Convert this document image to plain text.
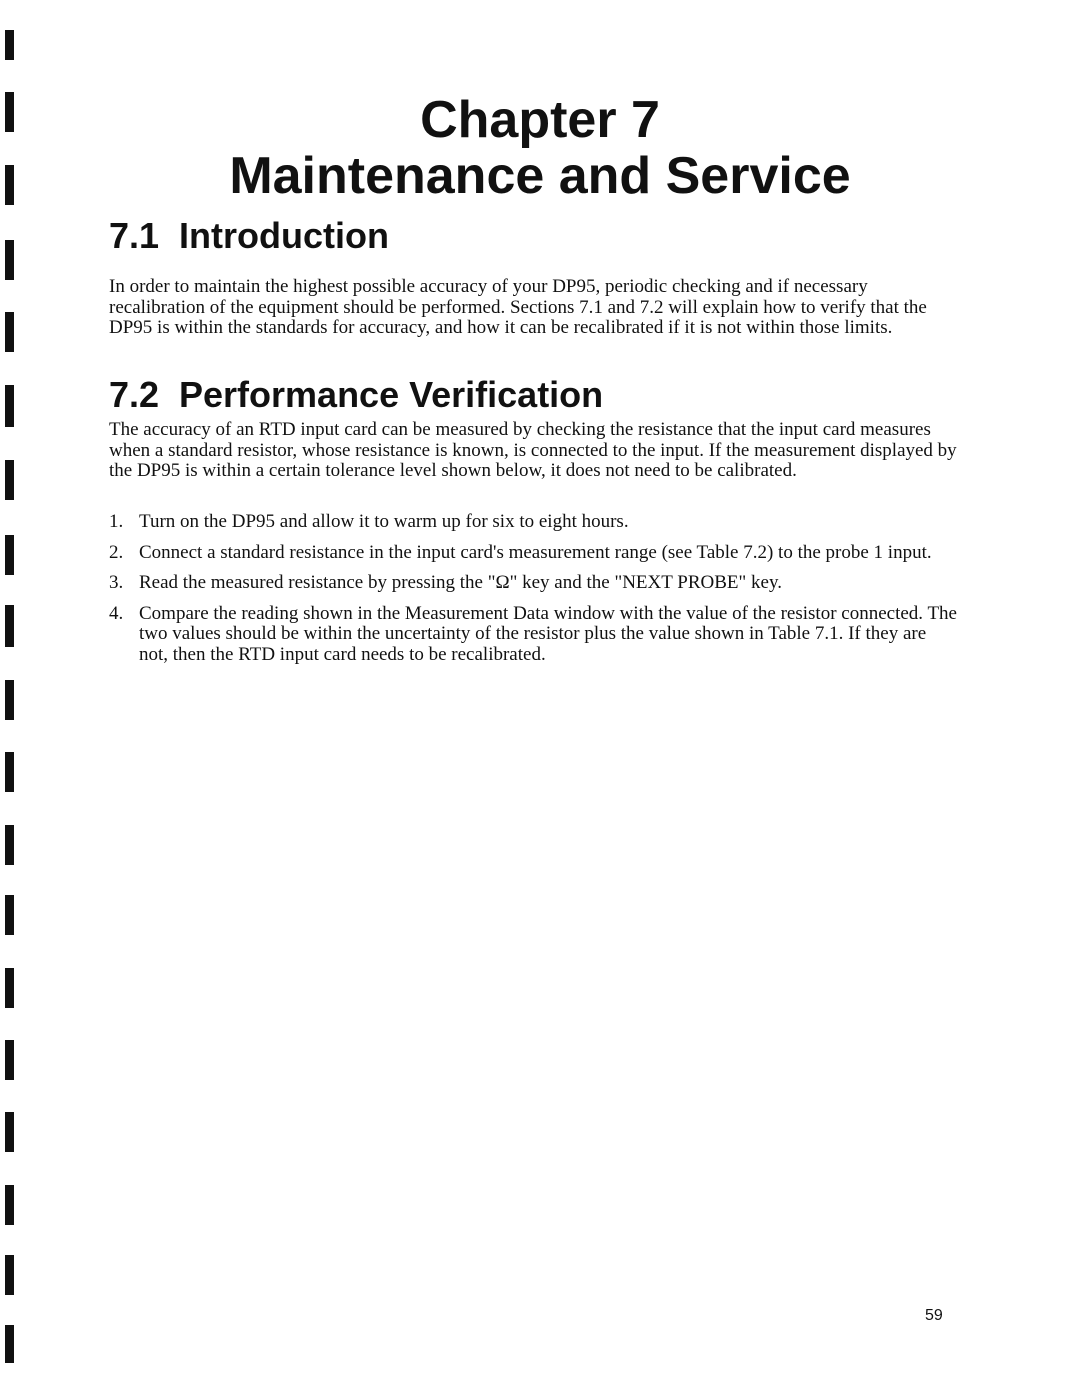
Chapter 7
Maintenance and Service
7.1 Introduction

In order to maintain the highest possible accuracy of your DP95, periodic checking and if necessary recalibration of the equipment should be performed. Sections 7.1 and 7.2 will explain how to verify that the DP95 is within the standards for accuracy, and how it can be recalibrated if it is not within those limits.

7.2 Performance Verification

The accuracy of an RTD input card can be measured by checking the resistance that the input card measures when a standard resistor, whose resistance is known, is connected to the input. If the measurement displayed by the DP95 is within a certain tolerance level shown below, it does not need to be calibrated.

1. Turn on the DP95 and allow it to warm up for six to eight hours.
2. Connect a standard resistance in the input card's measurement range (see Table 7.2) to the probe 1 input.
3. Read the measured resistance by pressing the "Ω" key and the "NEXT PROBE" key.
4. Compare the reading shown in the Measurement Data window with the value of the resistor connected. The two values should be within the uncertainty of the resistor plus the value shown in Table 7.1. If they are not, then the RTD input card needs to be recalibrated.
59
